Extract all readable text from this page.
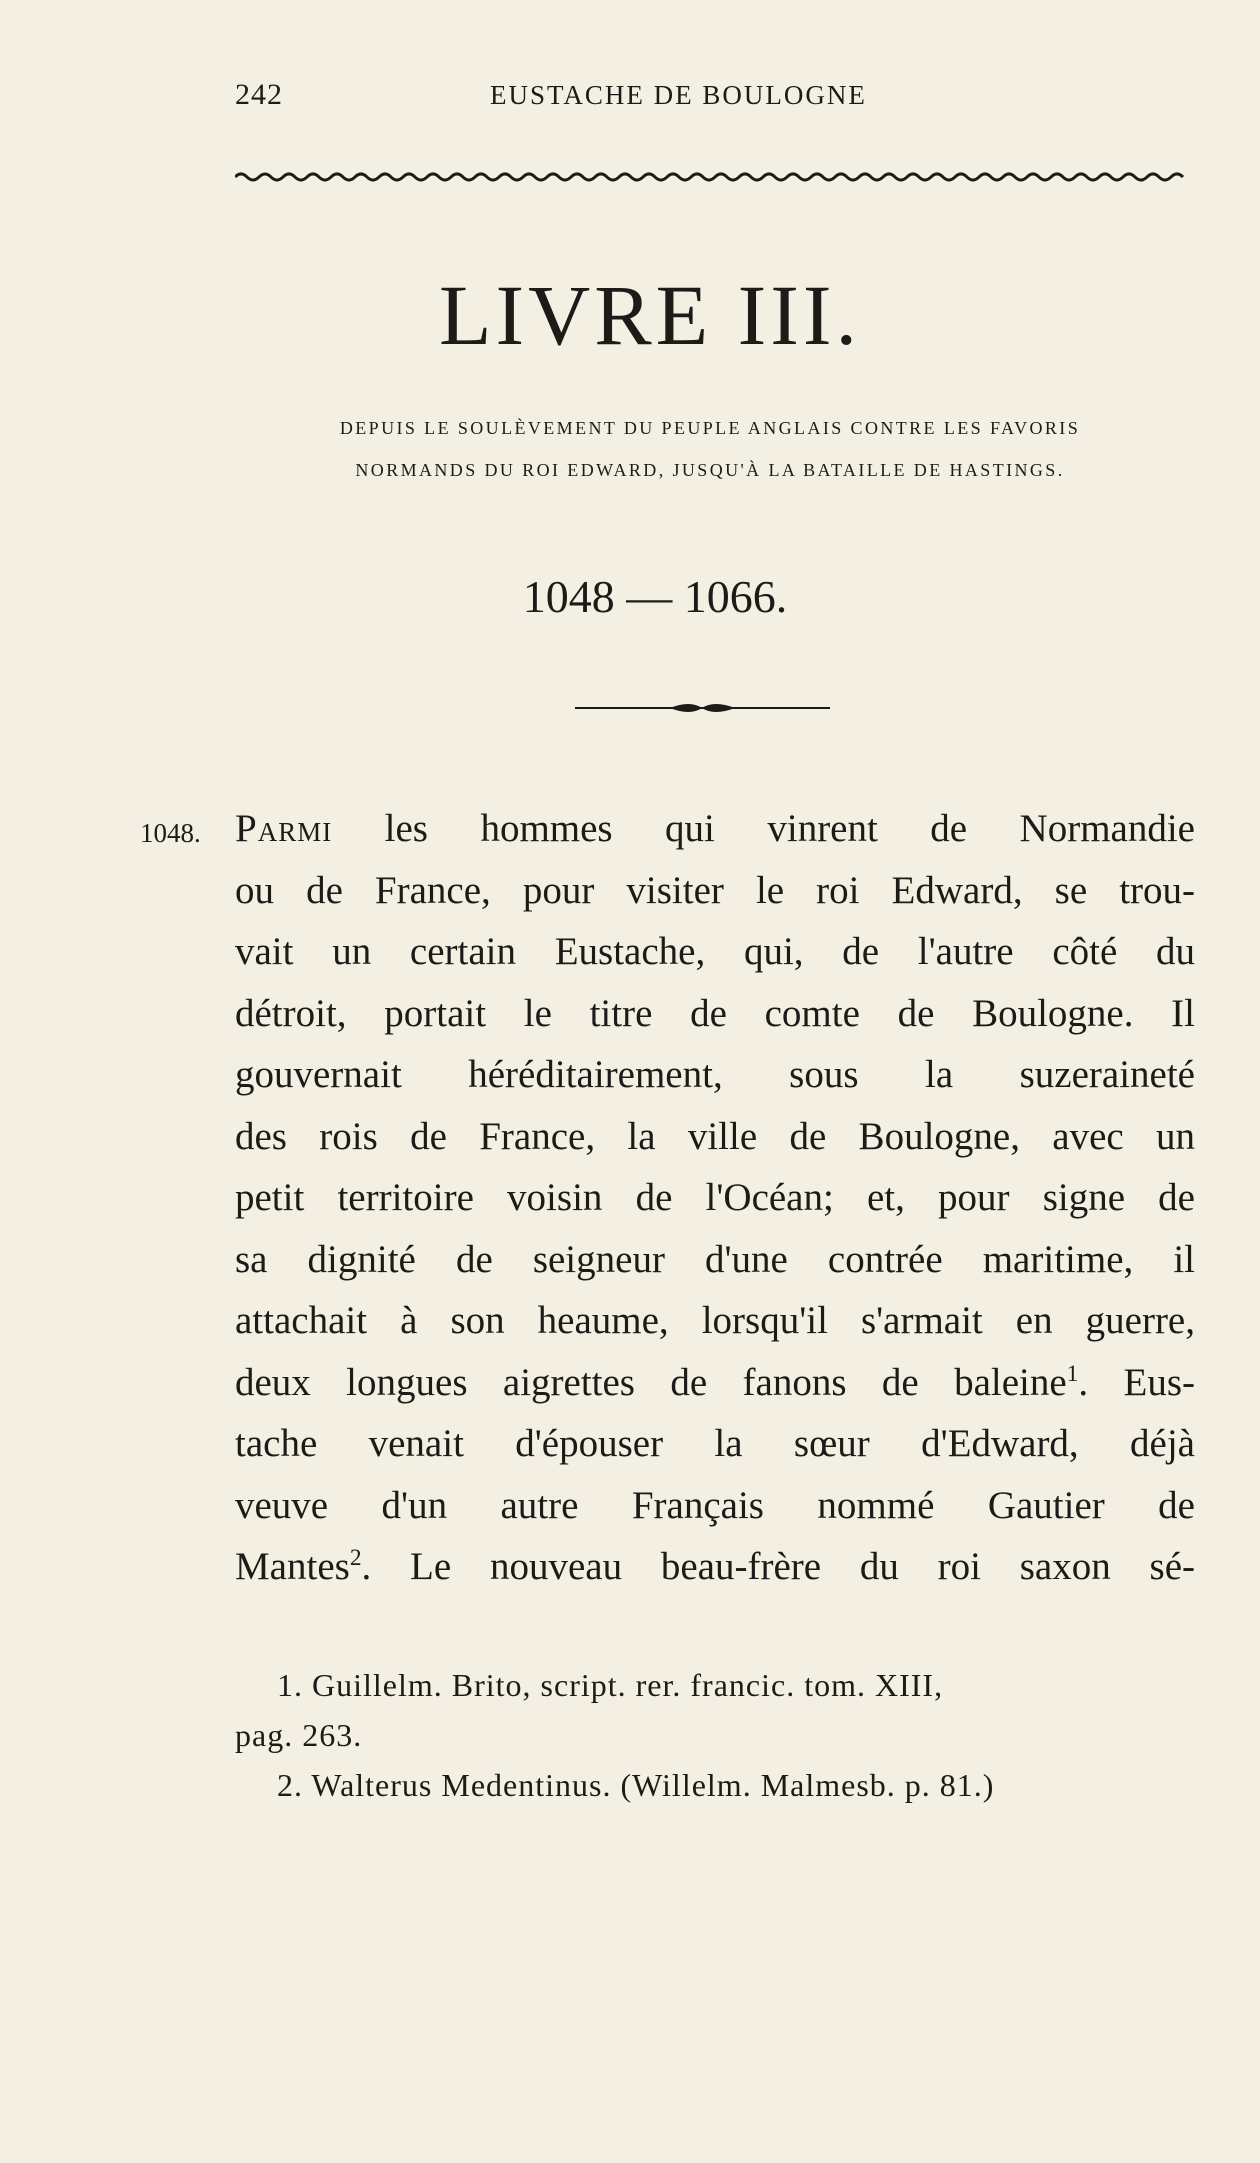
242	EUSTACHE DE BOULOGNE
LIVRE III.
DEPUIS LE SOULÈVEMENT DU PEUPLE ANGLAIS CONTRE LES FAVORIS
NORMANDS DU ROI EDWARD, JUSQU'À LA BATAILLE DE HASTINGS.
1048 — 1066.
1048. Parmi les hommes qui vinrent de Normandie
ou de France, pour visiter le roi Edward, se trou-
vait un certain Eustache, qui, de l'autre côté du
détroit, portait le titre de comte de Boulogne. Il
gouvernait héréditairement, sous la suzeraineté
des rois de France, la ville de Boulogne, avec un
petit territoire voisin de l'Océan; et, pour signe de
sa dignité de seigneur d'une contrée maritime, il
attachait à son heaume, lorsqu'il s'armait en guerre,
deux longues aigrettes de fanons de baleine$^1$. Eus-
tache venait d'épouser la sœur d'Edward, déjà
veuve d'un autre Français nommé Gautier de
Mantes$^2$. Le nouveau beau-frère du roi saxon sé-
1. Guillelm. Brito, script. rer. francic. tom. XIII,
pag. 263.
2. Walterus Medentinus. (Willelm. Malmesb. p. 81.)
